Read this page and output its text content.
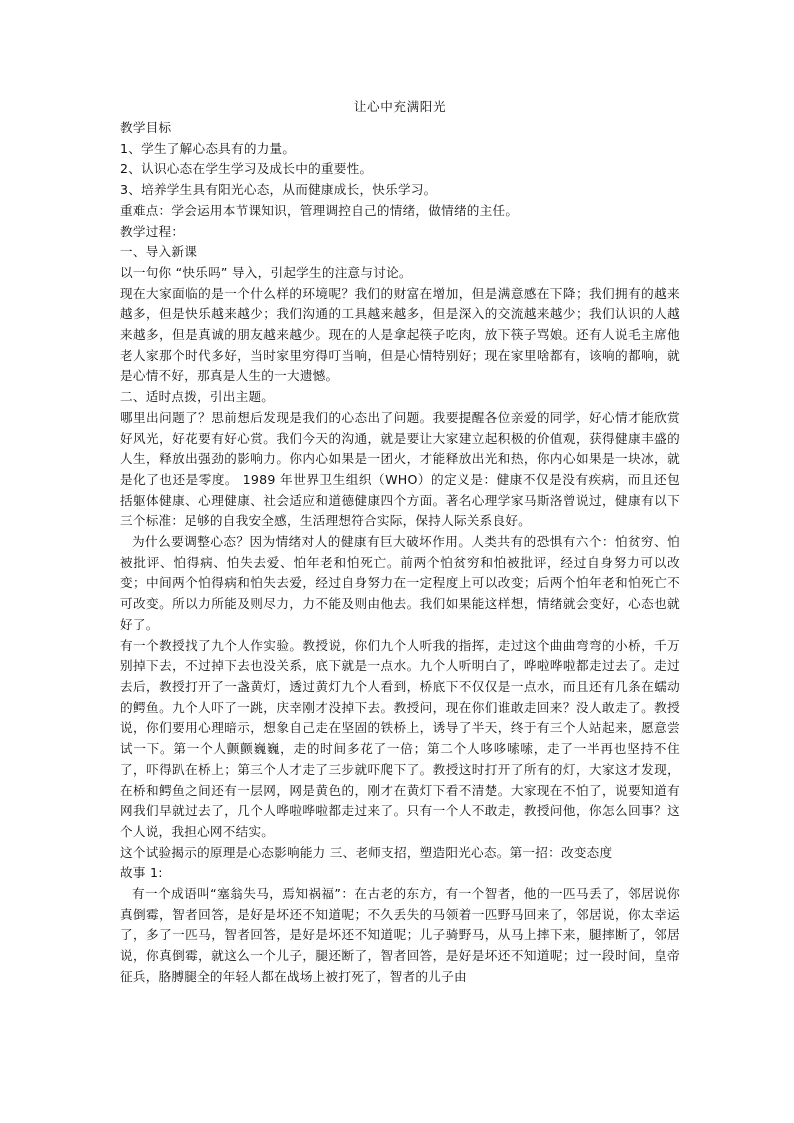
让心中充满阳光

教学目标

1、学生了解心态具有的力量。

2、认识心态在学生学习及成长中的重要性。

3、培养学生具有阳光心态，从而健康成长，快乐学习。

重难点：学会运用本节课知识，管理调控自己的情绪，做情绪的主任。

教学过程：

一、导入新课

以一句你 “快乐吗” 导入，引起学生的注意与讨论。

现在大家面临的是一个什么样的环境呢？我们的财富在增加，但是满意感在下降；我们拥有的越来越多，但是快乐越来越少；我们沟通的工具越来越多，但是深入的交流越来越少；我们认识的人越来越多，但是真诚的朋友越来越少。现在的人是拿起筷子吃肉，放下筷子骂娘。还有人说毛主席他老人家那个时代多好，当时家里穷得叮当响，但是心情特别好；现在家里啥都有，该响的都响，就是心情不好，那真是人生的一大遗憾。

二、适时点拨，引出主题。

哪里出问题了？思前想后发现是我们的心态出了问题。我要提醒各位亲爱的同学，好心情才能欣赏好风光，好花要有好心赏。我们今天的沟通，就是要让大家建立起积极的价值观，获得健康丰盛的人生，释放出强劲的影响力。你内心如果是一团火，才能释放出光和热，你内心如果是一块冰，就是化了也还是零度。 1989 年世界卫生组织（WHO）的定义是：健康不仅是没有疾病，而且还包括躯体健康、心理健康、社会适应和道德健康四个方面。著名心理学家马斯洛曾说过，健康有以下三个标准：足够的自我安全感，生活理想符合实际，保持人际关系良好。

为什么要调整心态？因为情绪对人的健康有巨大破坏作用。人类共有的恐惧有六个：怕贫穷、怕被批评、怕得病、怕失去爱、怕年老和怕死亡。前两个怕贫穷和怕被批评，经过自身努力可以改变；中间两个怕得病和怕失去爱，经过自身努力在一定程度上可以改变；后两个怕年老和怕死亡不可改变。所以力所能及则尽力，力不能及则由他去。我们如果能这样想，情绪就会变好，心态也就好了。

有一个教授找了九个人作实验。教授说，你们九个人听我的指挥，走过这个曲曲弯弯的小桥，千万别掉下去，不过掉下去也没关系，底下就是一点水。九个人听明白了，哗啦哗啦都走过去了。走过去后，教授打开了一盏黄灯，透过黄灯九个人看到，桥底下不仅仅是一点水，而且还有几条在蠕动的鳄鱼。九个人吓了一跳，庆幸刚才没掉下去。教授问，现在你们谁敢走回来？没人敢走了。教授说，你们要用心理暗示，想象自己走在坚固的铁桥上，诱导了半天，终于有三个人站起来，愿意尝试一下。第一个人颤颤巍巍，走的时间多花了一倍；第二个人哆哆嗦嗦，走了一半再也坚持不住了，吓得趴在桥上；第三个人才走了三步就吓爬下了。教授这时打开了所有的灯，大家这才发现，在桥和鳄鱼之间还有一层网，网是黄色的，刚才在黄灯下看不清楚。大家现在不怕了，说要知道有网我们早就过去了，几个人哗啦哗啦都走过来了。只有一个人不敢走，教授问他，你怎么回事？这个人说，我担心网不结实。

这个试验揭示的原理是心态影响能力 三、老师支招，塑造阳光心态。第一招：改变态度

故事 1:

有一个成语叫“塞翁失马，焉知祸福”：在古老的东方，有一个智者，他的一匹马丢了，邻居说你真倒霉，智者回答，是好是坏还不知道呢；不久丢失的马领着一匹野马回来了，邻居说，你太幸运了，多了一匹马，智者回答，是好是坏还不知道呢；儿子骑野马，从马上摔下来，腿摔断了，邻居说，你真倒霉，就这么一个儿子，腿还断了，智者回答，是好是坏还不知道呢；过一段时间，皇帝征兵，胳膊腿全的年轻人都在战场上被打死了，智者的儿子由
